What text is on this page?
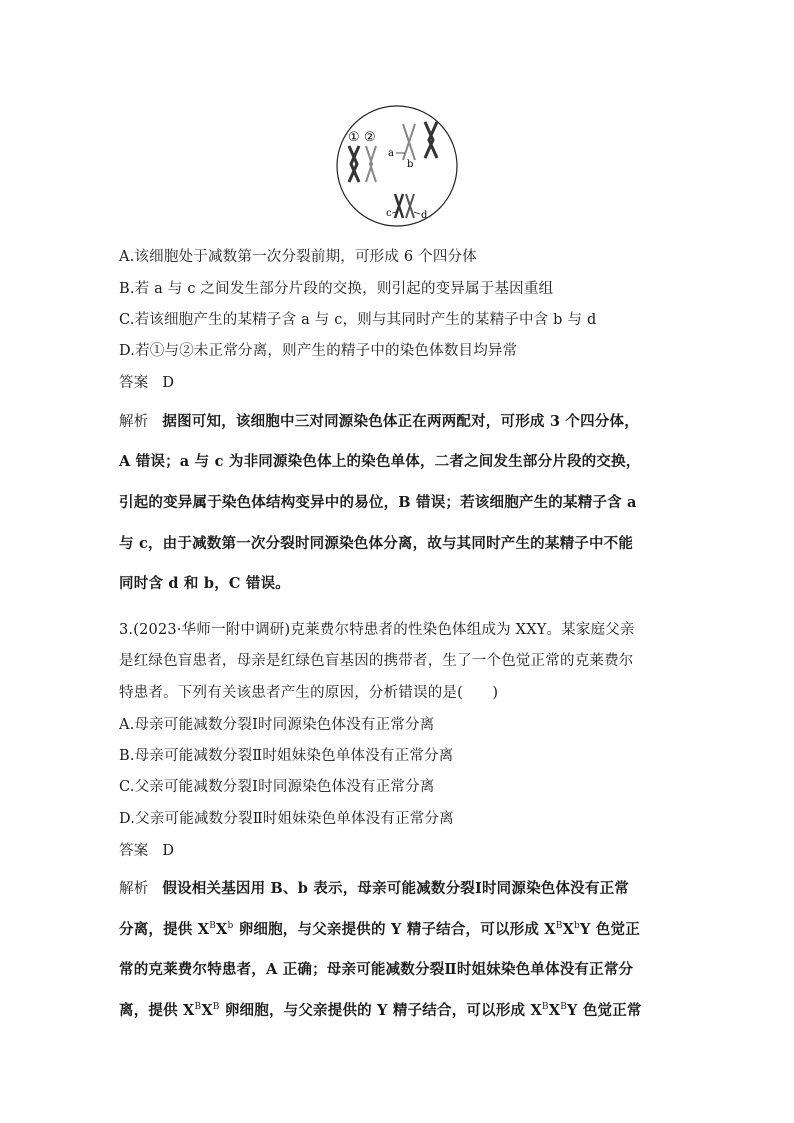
① ②
a
b
c	d
A.该细胞处于减数第一次分裂前期，可形成 6 个四分体
B.若 a 与 c 之间发生部分片段的交换，则引起的变异属于基因重组
C.若该细胞产生的某精子含 a 与 c，则与其同时产生的某精子中含 b 与 d
D.若①与②未正常分离，则产生的精子中的染色体数目均异常
答案 D
解析 据图可知，该细胞中三对同源染色体正在两两配对，可形成 3 个四分体，
A 错误；a 与 c 为非同源染色体上的染色单体，二者之间发生部分片段的交换，
引起的变异属于染色体结构变异中的易位，B 错误；若该细胞产生的某精子含 a
与 c，由于减数第一次分裂时同源染色体分离，故与其同时产生的某精子中不能
同时含 d 和 b，C 错误。
3.(2023·华师一附中调研)克莱费尔特患者的性染色体组成为 XXY。某家庭父亲
是红绿色盲患者，母亲是红绿色盲基因的携带者，生了一个色觉正常的克莱费尔
特患者。下列有关该患者产生的原因，分析错误的是(　　)
A.母亲可能减数分裂Ⅰ时同源染色体没有正常分离
B.母亲可能减数分裂Ⅱ时姐妹染色单体没有正常分离
C.父亲可能减数分裂Ⅰ时同源染色体没有正常分离
D.父亲可能减数分裂Ⅱ时姐妹染色单体没有正常分离
答案 D
解析 假设相关基因用 B、b 表示，母亲可能减数分裂Ⅰ时同源染色体没有正常
分离，提供 $X^BX^b$ 卵细胞，与父亲提供的 Y 精子结合，可以形成 $X^BX^bY$ 色觉正
常的克莱费尔特患者，A 正确；母亲可能减数分裂Ⅱ时姐妹染色单体没有正常分
离，提供 $X^BX^B$ 卵细胞，与父亲提供的 Y 精子结合，可以形成 $X^BX^BY$ 色觉正常
